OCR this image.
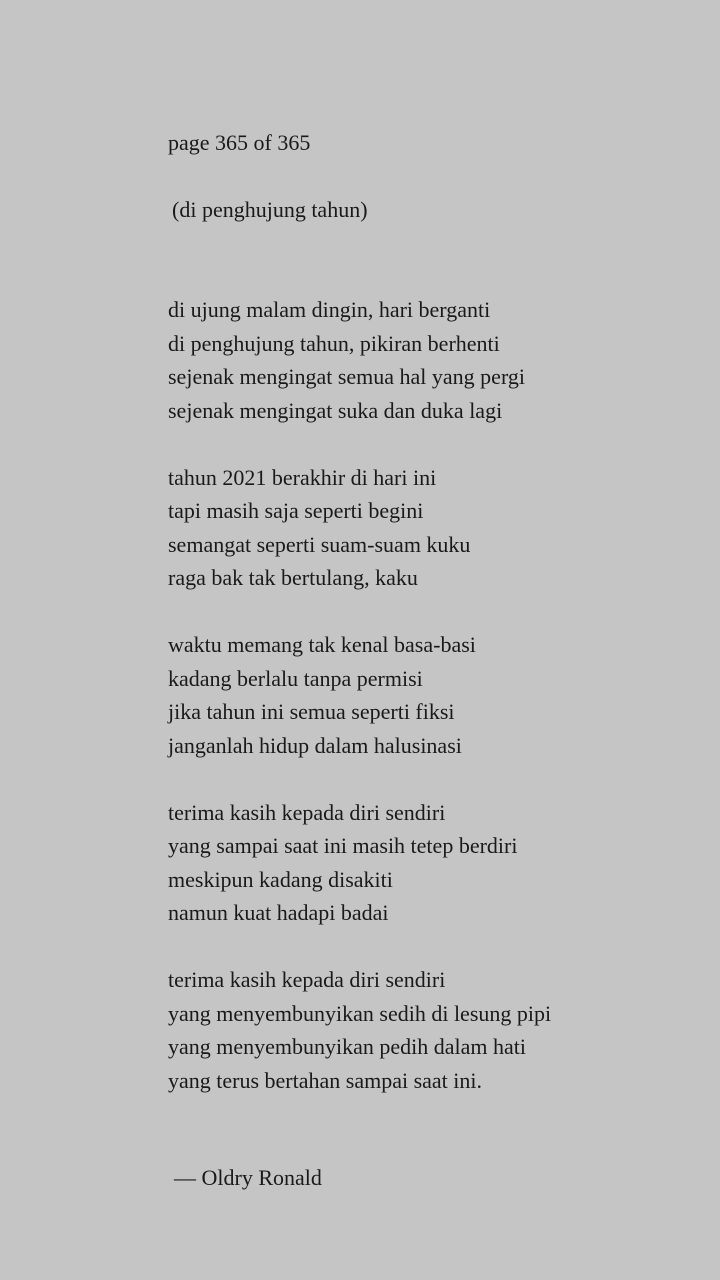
page 365 of 365
(di penghujung tahun)
di ujung malam dingin, hari berganti
di penghujung tahun, pikiran berhenti
sejenak mengingat semua hal yang pergi
sejenak mengingat suka dan duka lagi
tahun 2021 berakhir di hari ini
tapi masih saja seperti begini
semangat seperti suam-suam kuku
raga bak tak bertulang, kaku
waktu memang tak kenal basa-basi
kadang berlalu tanpa permisi
jika tahun ini semua seperti fiksi
janganlah hidup dalam halusinasi
terima kasih kepada diri sendiri
yang sampai saat ini masih tetep berdiri
meskipun kadang disakiti
namun kuat hadapi badai
terima kasih kepada diri sendiri
yang menyembunyikan sedih di lesung pipi
yang menyembunyikan pedih dalam hati
yang terus bertahan sampai saat ini.
— Oldry Ronald
